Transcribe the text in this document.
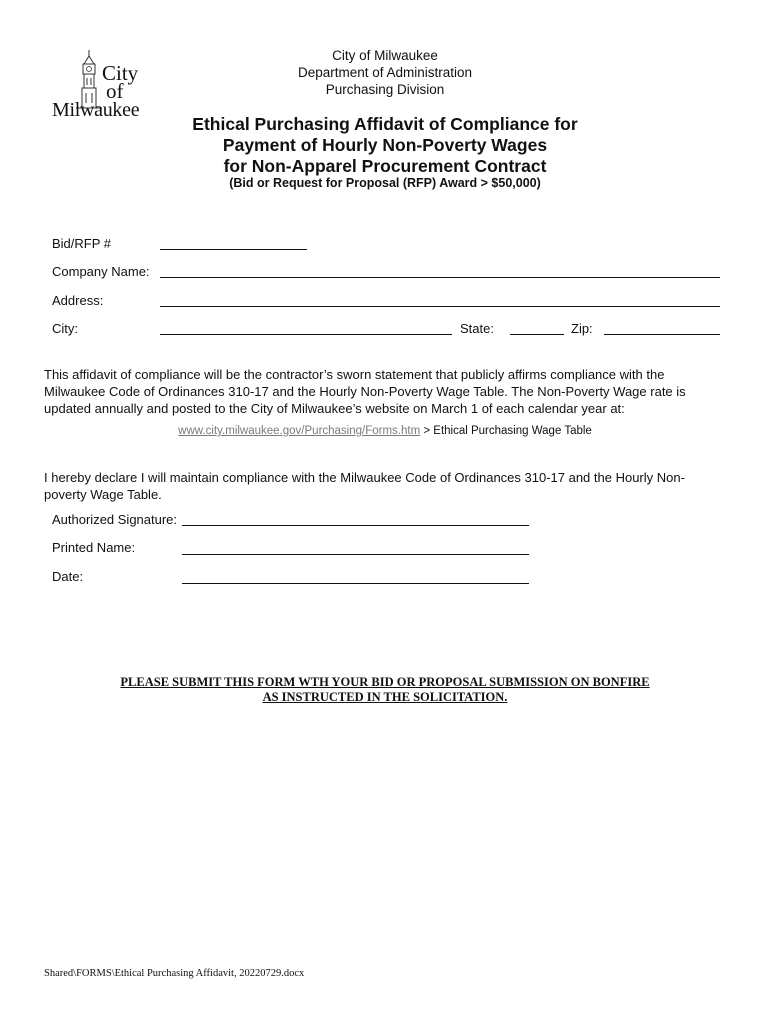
City
of
Milwaukee
City of Milwaukee
Department of Administration
Purchasing Division
Ethical Purchasing Affidavit of Compliance for
Payment of Hourly Non-Poverty Wages
for Non-Apparel Procurement Contract
(Bid or Request for Proposal (RFP) Award > $50,000)
Bid/RFP #
Company Name:
Address:
City:	State:	Zip:
This affidavit of compliance will be the contractor’s sworn statement that publicly affirms compliance with the Milwaukee Code of Ordinances 310-17 and the Hourly Non-Poverty Wage Table. The Non-Poverty Wage rate is updated annually and posted to the City of Milwaukee’s website on March 1 of each calendar year at:
www.city.milwaukee.gov/Purchasing/Forms.htm > Ethical Purchasing Wage Table
I hereby declare I will maintain compliance with the Milwaukee Code of Ordinances 310-17 and the Hourly Non-poverty Wage Table.
Authorized Signature:
Printed Name:
Date:
PLEASE SUBMIT THIS FORM WTH YOUR BID OR PROPOSAL SUBMISSION ON BONFIRE
AS INSTRUCTED IN THE SOLICITATION.
Shared\FORMS\Ethical Purchasing Affidavit, 20220729.docx
